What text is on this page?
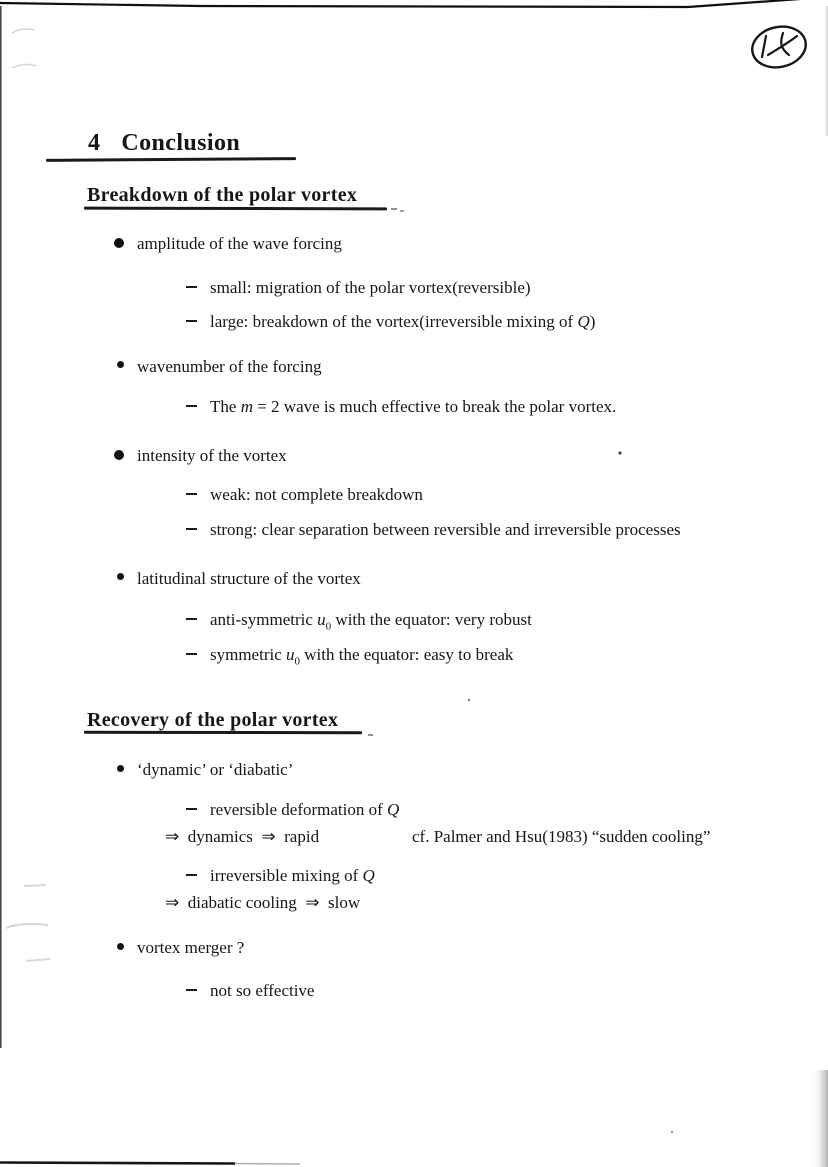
4 Conclusion
Breakdown of the polar vortex
amplitude of the wave forcing
small: migration of the polar vortex(reversible)
large: breakdown of the vortex(irreversible mixing of Q)
wavenumber of the forcing
The m = 2 wave is much effective to break the polar vortex.
intensity of the vortex
weak: not complete breakdown
strong: clear separation between reversible and irreversible processes
latitudinal structure of the vortex
anti-symmetric $u_0$ with the equator: very robust
symmetric $u_0$ with the equator: easy to break
Recovery of the polar vortex
‘dynamic’ or ‘diabatic’
reversible deformation of Q
⇒  dynamics  ⇒  rapid	cf. Palmer and Hsu(1983) “sudden cooling”
irreversible mixing of Q
⇒  diabatic cooling  ⇒  slow
vortex merger ?
not so effective
